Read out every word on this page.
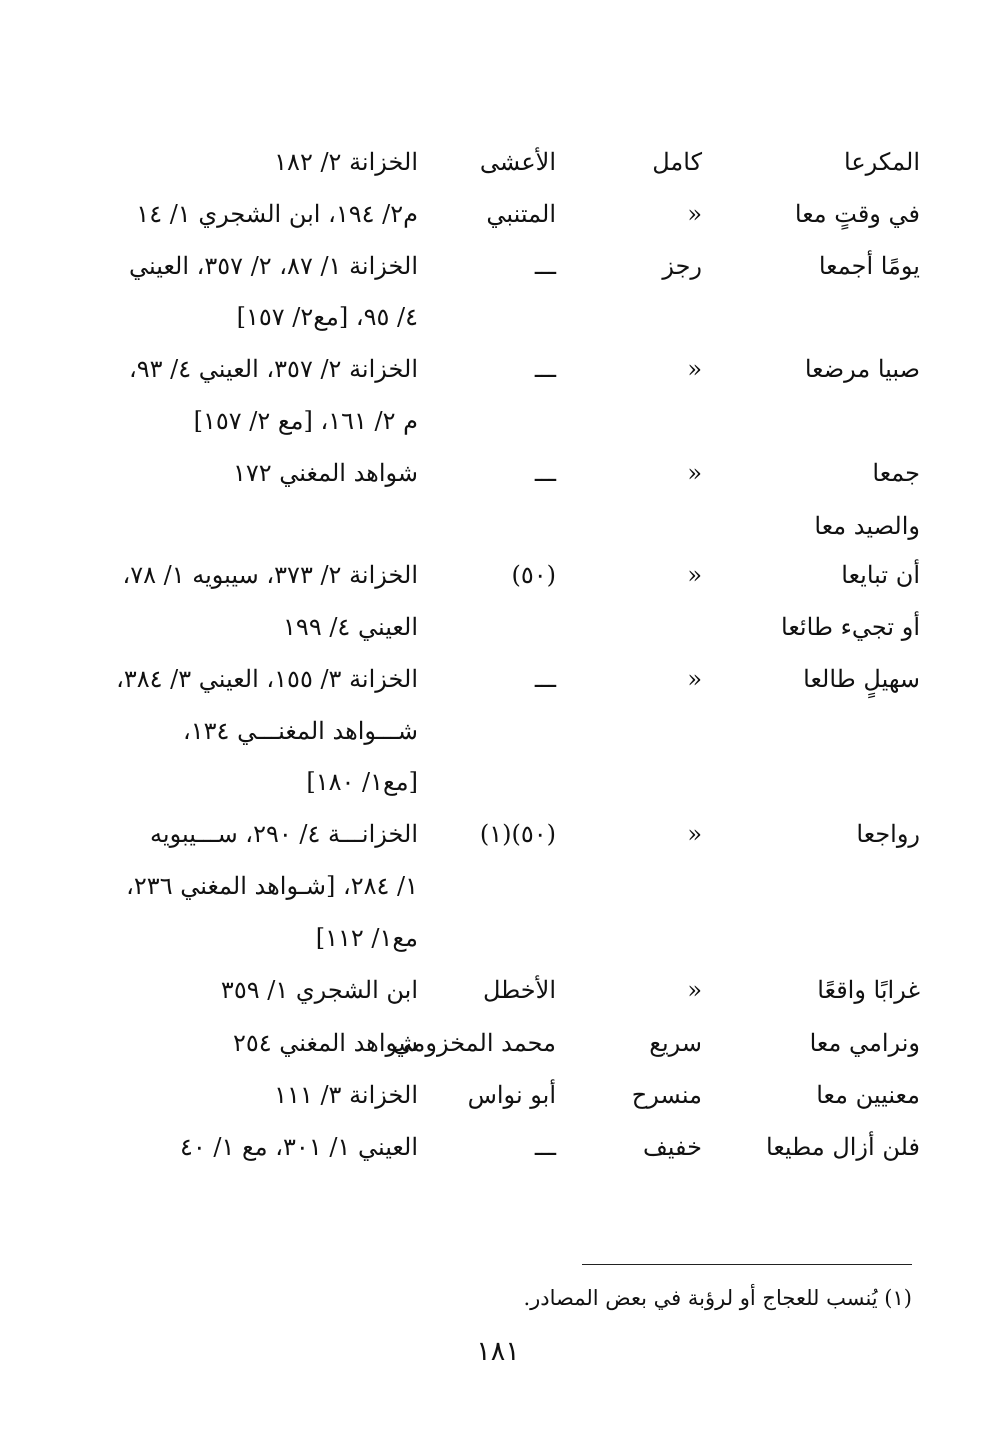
المكرعا
كامل
الأعشى
الخزانة ٢/ ١٨٢
في وقتٍ معا
«
المتنبي
م٢/ ١٩٤، ابن الشجري ١/ ١٤
يومًا أجمعا
رجز
ـــ
الخزانة ١/ ٨٧، ٢/ ٣٥٧، العيني
٤/ ٩٥، [مع٢/ ١٥٧]
صبيا مرضعا
«
ـــ
الخزانة ٢/ ٣٥٧، العيني ٤/ ٩٣،
م ٢/ ١٦١، [مع ٢/ ١٥٧]
جمعا
«
ـــ
شواهد المغني ١٧٢
والصيد معا
أن تبايعا
«
(٥٠)
الخزانة ٢/ ٣٧٣، سيبويه ١/ ٧٨،
أو تجيء طائعا
العيني ٤/ ١٩٩
سهيلٍ طالعا
«
ـــ
الخزانة ٣/ ١٥٥، العيني ٣/ ٣٨٤،
شـــواهد المغنـــي ١٣٤،
[مع١/ ١٨٠]
رواجعا
«
(٥٠)(١)
الخزانـــة ٤/ ٢٩٠، ســـيبويه
١/ ٢٨٤، [شـواهد المغني ٢٣٦،
مع١/ ١١٢]
غرابًا واقعًا
«
الأخطل
ابن الشجري ١/ ٣٥٩
ونرامي معا
سريع
محمد المخزومي
شواهد المغني ٢٥٤
معنيين معا
منسرح
أبو نواس
الخزانة ٣/ ١١١
فلن أزال مطيعا
خفيف
ـــ
العيني ١/ ٣٠١، مع ١/ ٤٠
(١) يُنسب للعجاج أو لرؤبة في بعض المصادر.
١٨١
